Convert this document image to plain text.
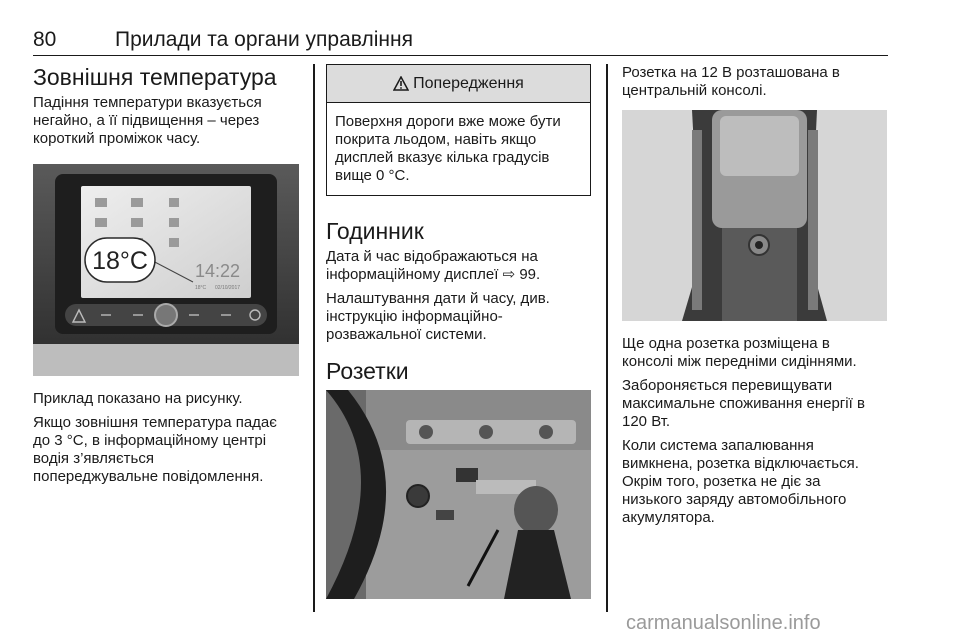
80	Прилади та органи управління
Зовнішня температура

Падіння температури вказується
негайно, а її підвищення – через
короткий проміжок часу.

18°C	14:22
18°C 02/10/2017

Приклад показано на рисунку.

Якщо зовнішня температура падає
до 3 °C, в інформаційному центрі
водія з’являється
попереджувальне повідомлення.

Попередження

Поверхня дороги вже може бути
покрита льодом, навіть якщо
дисплей вказує кілька градусів
вище 0 °C.

Годинник

Дата й час відображаються на
інформаційному дисплеї ⇨ 99.

Налаштування дати й часу, див.
інструкцію інформаційно-
розважальної системи.

Розетки

Розетка на 12 В розташована в
центральній консолі.

Ще одна розетка розміщена в
консолі між передніми сидіннями.

Забороняється перевищувати
максимальне споживання енергії в
120 Вт.

Коли система запалювання
вимкнена, розетка відключається.
Окрім того, розетка не діє за
низького заряду автомобільного
акумулятора.

carmanualsonline.info
